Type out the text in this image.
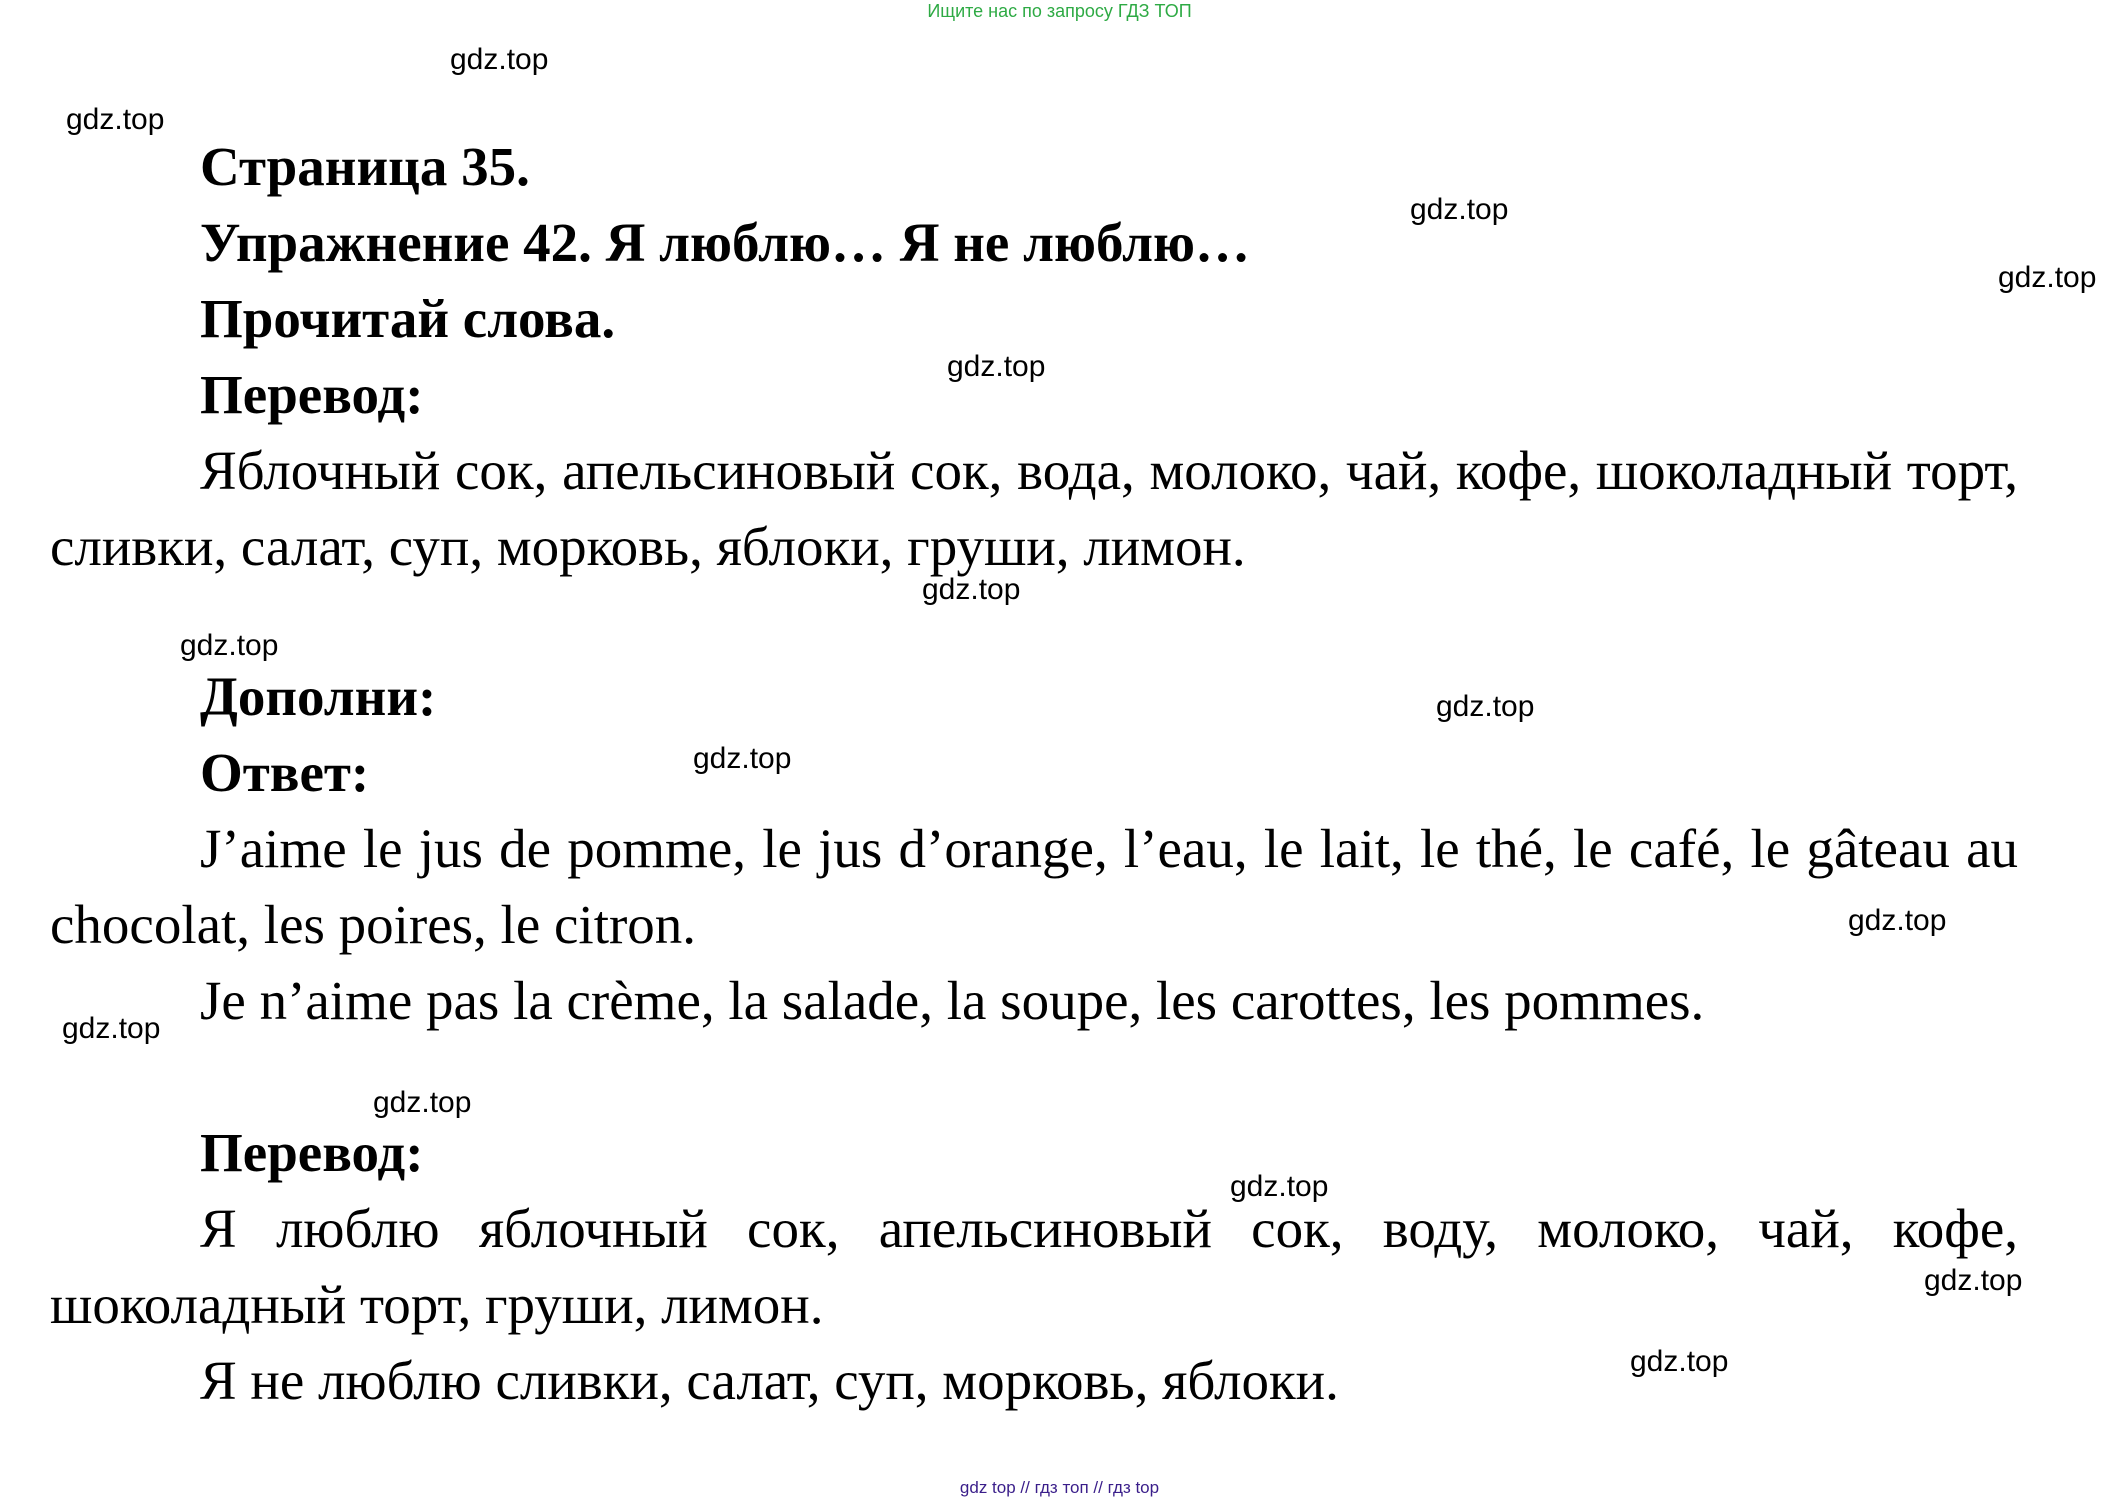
Ищите нас по запросу ГДЗ ТОП
gdz.top
gdz.top
gdz.top
gdz.top
gdz.top
gdz.top
gdz.top
gdz.top
gdz.top
gdz.top
gdz.top
gdz.top
gdz.top
gdz.top
gdz.top
Страница 35.
Упражнение 42. Я люблю… Я не люблю…
Прочитай слова.
Перевод:

Яблочный сок, апельсиновый сок, вода, молоко, чай, кофе, шоколадный торт, сливки, салат, суп, морковь, яблоки, груши, лимон.

Дополни:
Ответ:

J’aime le jus de pomme, le jus d’orange, l’eau, le lait, le thé, le café, le gâteau au chocolat, les poires, le citron.

Je n’aime pas la crème, la salade, la soupe, les carottes, les pommes.

Перевод:

Я люблю яблочный сок, апельсиновый сок, воду, молоко, чай, кофе, шоколадный торт, груши, лимон.

Я не люблю сливки, салат, суп, морковь, яблоки.

gdz top // гдз топ // гдз top
